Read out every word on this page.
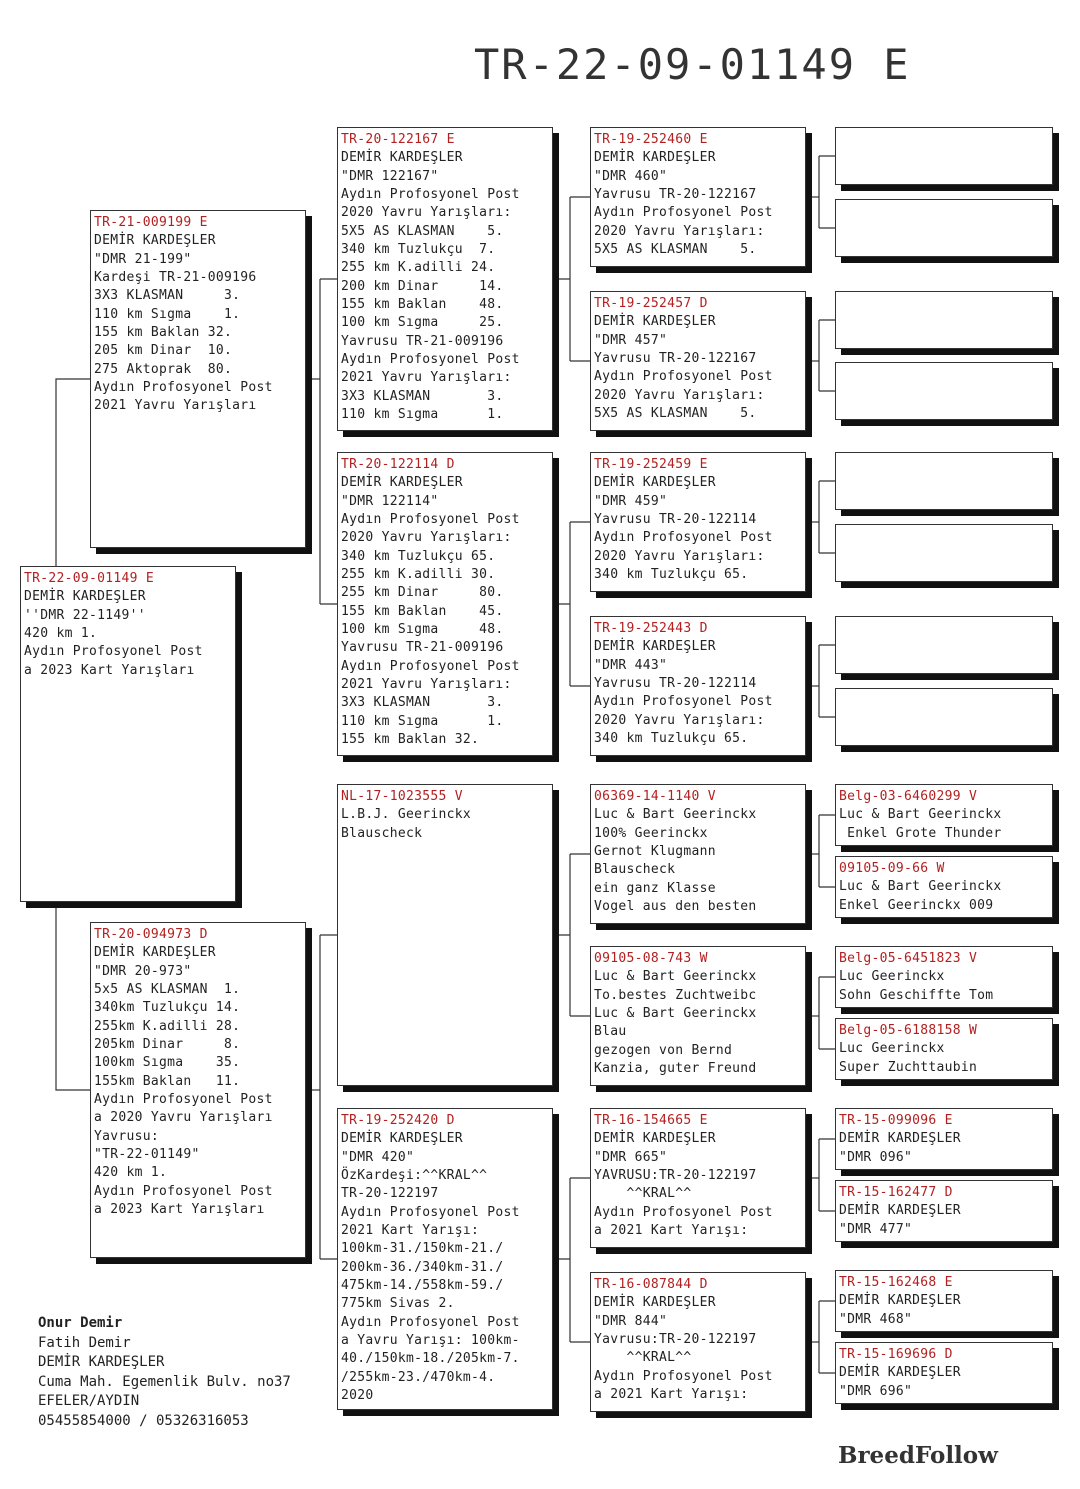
TR-22-09-01149 E
TR-22-09-01149 E
DEMİR KARDEŞLER
''DMR 22-1149''
420 km 1.
Aydın Profosyonel Post
a 2023 Kart Yarışları
TR-21-009199 E
DEMİR KARDEŞLER
"DMR 21-199"
Kardeşi TR-21-009196
3X3 KLASMAN     3.
110 km Sıgma    1.
155 km Baklan 32.
205 km Dinar  10.
275 Aktoprak  80.
Aydın Profosyonel Post
2021 Yavru Yarışları
TR-20-094973 D
DEMİR KARDEŞLER
"DMR 20-973"
5x5 AS KLASMAN  1.
340km Tuzlukçu 14.
255km K.adilli 28.
205km Dinar     8.
100km Sıgma    35.
155km Baklan   11.
Aydın Profosyonel Post
a 2020 Yavru Yarışları
Yavrusu:
"TR-22-01149"
420 km 1.
Aydın Profosyonel Post
a 2023 Kart Yarışları
TR-20-122167 E
DEMİR KARDEŞLER
"DMR 122167"
Aydın Profosyonel Post
2020 Yavru Yarışları:
5X5 AS KLASMAN    5.
340 km Tuzlukçu  7.
255 km K.adilli 24.
200 km Dinar     14.
155 km Baklan    48.
100 km Sıgma     25.
Yavrusu TR-21-009196
Aydın Profosyonel Post
2021 Yavru Yarışları:
3X3 KLASMAN       3.
110 km Sıgma      1.
TR-20-122114 D
DEMİR KARDEŞLER
"DMR 122114"
Aydın Profosyonel Post
2020 Yavru Yarışları:
340 km Tuzlukçu 65.
255 km K.adilli 30.
255 km Dinar     80.
155 km Baklan    45.
100 km Sıgma     48.
Yavrusu TR-21-009196
Aydın Profosyonel Post
2021 Yavru Yarışları:
3X3 KLASMAN       3.
110 km Sıgma      1.
155 km Baklan 32.
NL-17-1023555 V
L.B.J. Geerinckx
Blauscheck
TR-19-252420 D
DEMİR KARDEŞLER
"DMR 420"
ÖzKardeşi:^^KRAL^^
TR-20-122197
Aydın Profosyonel Post
2021 Kart Yarışı:
100km-31./150km-21./
200km-36./340km-31./
475km-14./558km-59./
775km Sivas 2.
Aydın Profosyonel Post
a Yavru Yarışı: 100km-
40./150km-18./205km-7.
/255km-23./470km-4.
2020
TR-19-252460 E
DEMİR KARDEŞLER
"DMR 460"
Yavrusu TR-20-122167
Aydın Profosyonel Post
2020 Yavru Yarışları:
5X5 AS KLASMAN    5.
TR-19-252457 D
DEMİR KARDEŞLER
"DMR 457"
Yavrusu TR-20-122167
Aydın Profosyonel Post
2020 Yavru Yarışları:
5X5 AS KLASMAN    5.
TR-19-252459 E
DEMİR KARDEŞLER
"DMR 459"
Yavrusu TR-20-122114
Aydın Profosyonel Post
2020 Yavru Yarışları:
340 km Tuzlukçu 65.
TR-19-252443 D
DEMİR KARDEŞLER
"DMR 443"
Yavrusu TR-20-122114
Aydın Profosyonel Post
2020 Yavru Yarışları:
340 km Tuzlukçu 65.
06369-14-1140 V
Luc & Bart Geerinckx
100% Geerinckx
Gernot Klugmann
Blauscheck
ein ganz Klasse
Vogel aus den besten
09105-08-743 W
Luc & Bart Geerinckx
To.bestes Zuchtweibc
Luc & Bart Geerinckx
Blau
gezogen von Bernd
Kanzia, guter Freund
TR-16-154665 E
DEMİR KARDEŞLER
"DMR 665"
YAVRUSU:TR-20-122197
^^KRAL^^
Aydın Profosyonel Post
a 2021 Kart Yarışı:
TR-16-087844 D
DEMİR KARDEŞLER
"DMR 844"
Yavrusu:TR-20-122197
^^KRAL^^
Aydın Profosyonel Post
a 2021 Kart Yarışı:
Belg-03-6460299 V
Luc & Bart Geerinckx
Enkel Grote Thunder
09105-09-66 W
Luc & Bart Geerinckx
Enkel Geerinckx 009
Belg-05-6451823 V
Luc Geerinckx
Sohn Geschiffte Tom
Belg-05-6188158 W
Luc Geerinckx
Super Zuchttaubin
TR-15-099096 E
DEMİR KARDEŞLER
"DMR 096"
TR-15-162477 D
DEMİR KARDEŞLER
"DMR 477"
TR-15-162468 E
DEMİR KARDEŞLER
"DMR 468"
TR-15-169696 D
DEMİR KARDEŞLER
"DMR 696"
Onur Demir
Fatih Demir
DEMİR KARDEŞLER
Cuma Mah. Egemenlik Bulv. no37
EFELER/AYDIN
05455854000 / 05326316053
BreedFollow
